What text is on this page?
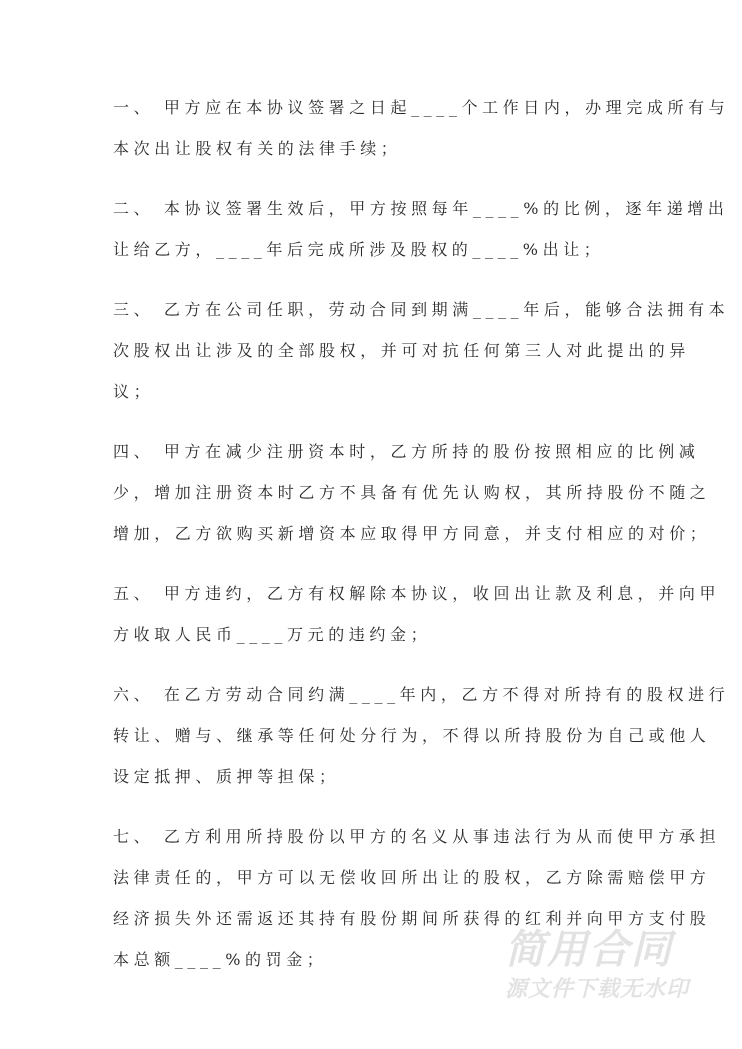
一、 甲方应在本协议签署之日起____个工作日内，办理完成所有与
本次出让股权有关的法律手续；
二、 本协议签署生效后，甲方按照每年____%的比例，逐年递增出
让给乙方，____年后完成所涉及股权的____%出让；
三、 乙方在公司任职，劳动合同到期满____年后，能够合法拥有本
次股权出让涉及的全部股权，并可对抗任何第三人对此提出的异
议；
四、 甲方在减少注册资本时，乙方所持的股份按照相应的比例减
少，增加注册资本时乙方不具备有优先认购权，其所持股份不随之
增加，乙方欲购买新增资本应取得甲方同意，并支付相应的对价；
五、 甲方违约，乙方有权解除本协议，收回出让款及利息，并向甲
方收取人民币____万元的违约金；
六、 在乙方劳动合同约满____年内，乙方不得对所持有的股权进行
转让、赠与、继承等任何处分行为，不得以所持股份为自己或他人
设定抵押、质押等担保；
七、 乙方利用所持股份以甲方的名义从事违法行为从而使甲方承担
法律责任的，甲方可以无偿收回所出让的股权，乙方除需赔偿甲方
经济损失外还需返还其持有股份期间所获得的红利并向甲方支付股
本总额____%的罚金；	简用合同
源文件下载无水印
